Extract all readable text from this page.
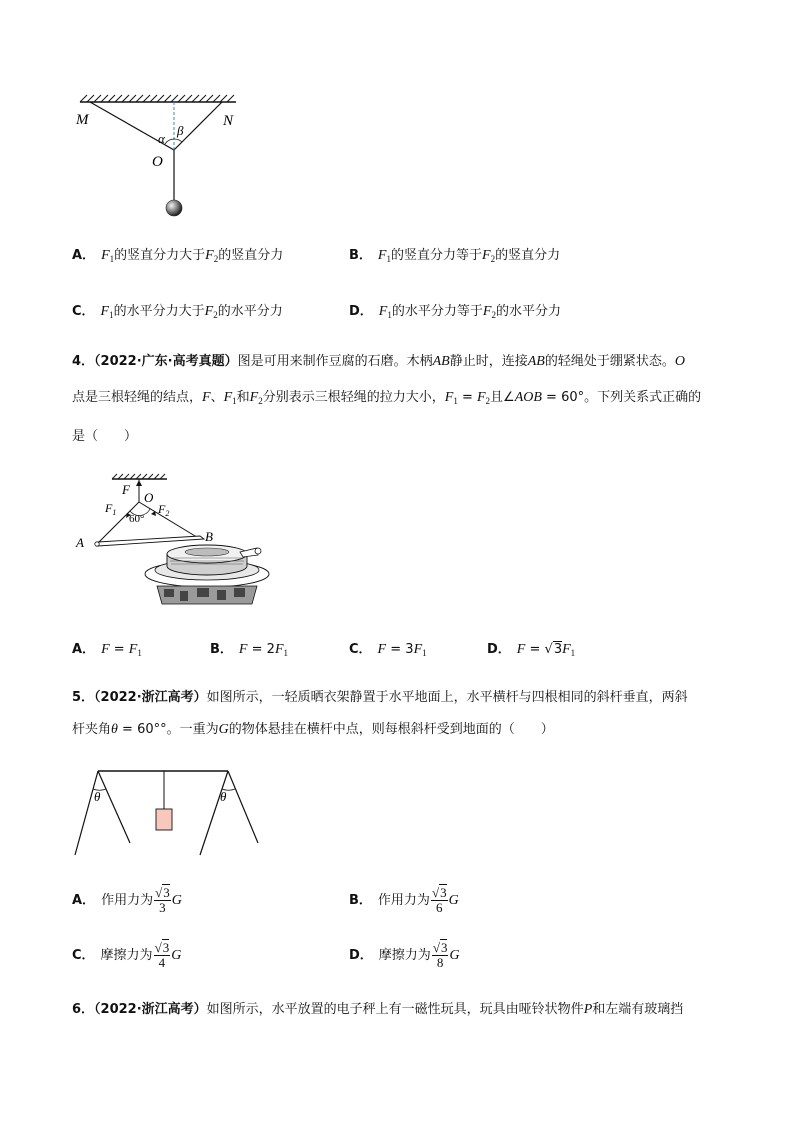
M	N
O
α
β
A． $F_1$的竖直分力大于$F_2$的竖直分力	B． $F_1$的竖直分力等于$F_2$的竖直分力
C． $F_1$的水平分力大于$F_2$的水平分力	D． $F_1$的水平分力等于$F_2$的水平分力
4．（2022·广东·高考真题）图是可用来制作豆腐的石磨。木柄AB静止时，连接AB的轻绳处于绷紧状态。O
点是三根轻绳的结点，F、$F_1$和$F_2$分别表示三根轻绳的拉力大小，$F_1 = F_2$且∠AOB = 60°。下列关系式正确的
是（　　）
F
O
$F_1$	$F_2$
60°
A	B
A． $F = F_1$	B． $F = 2F_1$	C． $F = 3F_1$	D． $F = √3F_1$
5．（2022·浙江高考）如图所示，一轻质晒衣架静置于水平地面上，水平横杆与四根相同的斜杆垂直，两斜
杆夹角θ = 60°°。一重为G的物体悬挂在横杆中点，则每根斜杆受到地面的（　　）
θ	θ
A． 作用力为 $\frac{√3}{3}$ G	B． 作用力为 $\frac{√3}{6}$ G
C． 摩擦力为 $\frac{√3}{4}$ G	D． 摩擦力为 $\frac{√3}{8}$ G
6．（2022·浙江高考）如图所示，水平放置的电子秤上有一磁性玩具，玩具由哑铃状物件P和左端有玻璃挡
